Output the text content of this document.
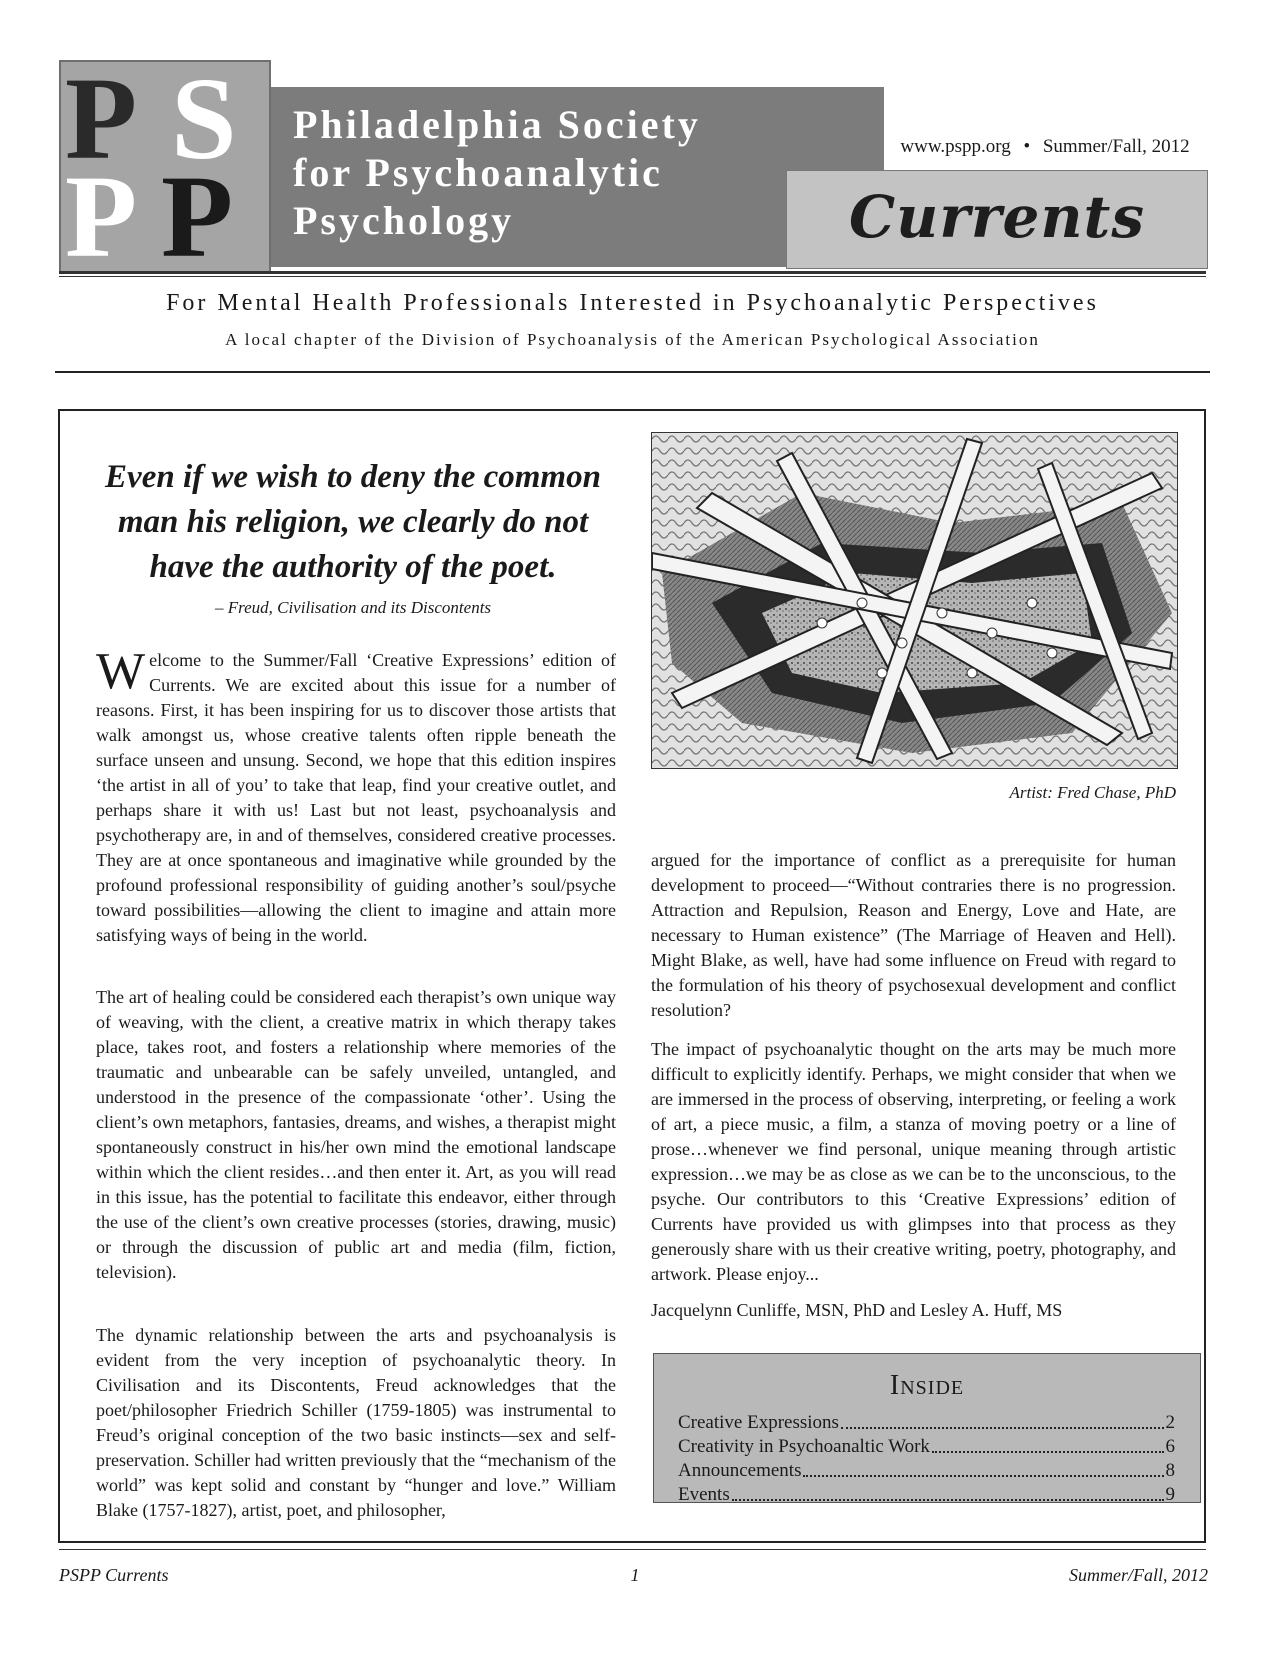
P S
P P
Philadelphia Society
for Psychoanalytic
Psychology
www.pspp.org • Summer/Fall, 2012
Currents
For Mental Health Professionals Interested in Psychoanalytic Perspectives
A local chapter of the Division of Psychoanalysis of the American Psychological Association
Even if we wish to deny the common man his religion, we clearly do not have the authority of the poet.
– Freud, Civilisation and its Discontents
W elcome to the Summer/Fall ‘Creative Expressions’ edition of Currents. We are excited about this issue for a number of reasons. First, it has been inspiring for us to discover those artists that walk amongst us, whose creative talents often ripple beneath the surface unseen and unsung. Second, we hope that this edition inspires ‘the artist in all of you’ to take that leap, find your creative outlet, and perhaps share it with us! Last but not least, psychoanalysis and psychotherapy are, in and of themselves, considered creative processes. They are at once spontaneous and imaginative while grounded by the profound professional responsibility of guiding another’s soul/psyche toward possibilities—allowing the client to imagine and attain more satisfying ways of being in the world.
The art of healing could be considered each therapist’s own unique way of weaving, with the client, a creative matrix in which therapy takes place, takes root, and fosters a relationship where memories of the traumatic and unbearable can be safely unveiled, untangled, and understood in the presence of the compassionate ‘other’. Using the client’s own metaphors, fantasies, dreams, and wishes, a therapist might spontaneously construct in his/her own mind the emotional landscape within which the client resides…and then enter it. Art, as you will read in this issue, has the potential to facilitate this endeavor, either through the use of the client’s own creative processes (stories, drawing, music) or through the discussion of public art and media (film, fiction, television).
The dynamic relationship between the arts and psychoanalysis is evident from the very inception of psychoanalytic theory. In Civilisation and its Discontents, Freud acknowledges that the poet/philosopher Friedrich Schiller (1759-1805) was instrumental to Freud’s original conception of the two basic instincts—sex and self-preservation. Schiller had written previously that the “mechanism of the world” was kept solid and constant by “hunger and love.” William Blake (1757-1827), artist, poet, and philosopher,
Artist: Fred Chase, PhD
argued for the importance of conflict as a prerequisite for human development to proceed—“Without contraries there is no progression. Attraction and Repulsion, Reason and Energy, Love and Hate, are necessary to Human existence” (The Marriage of Heaven and Hell). Might Blake, as well, have had some influence on Freud with regard to the formulation of his theory of psychosexual development and conflict resolution?
The impact of psychoanalytic thought on the arts may be much more difficult to explicitly identify. Perhaps, we might consider that when we are immersed in the process of observing, interpreting, or feeling a work of art, a piece music, a film, a stanza of moving poetry or a line of prose…whenever we find personal, unique meaning through artistic expression…we may be as close as we can be to the unconscious, to the psyche. Our contributors to this ‘Creative Expressions’ edition of Currents have provided us with glimpses into that process as they generously share with us their creative writing, poetry, photography, and artwork. Please enjoy...
Jacquelynn Cunliffe, MSN, PhD and Lesley A. Huff, MS
Inside
Creative Expressions	2
Creativity in Psychoanaltic Work	6
Announcements	8
Events	9
PSPP Currents	1	Summer/Fall, 2012
